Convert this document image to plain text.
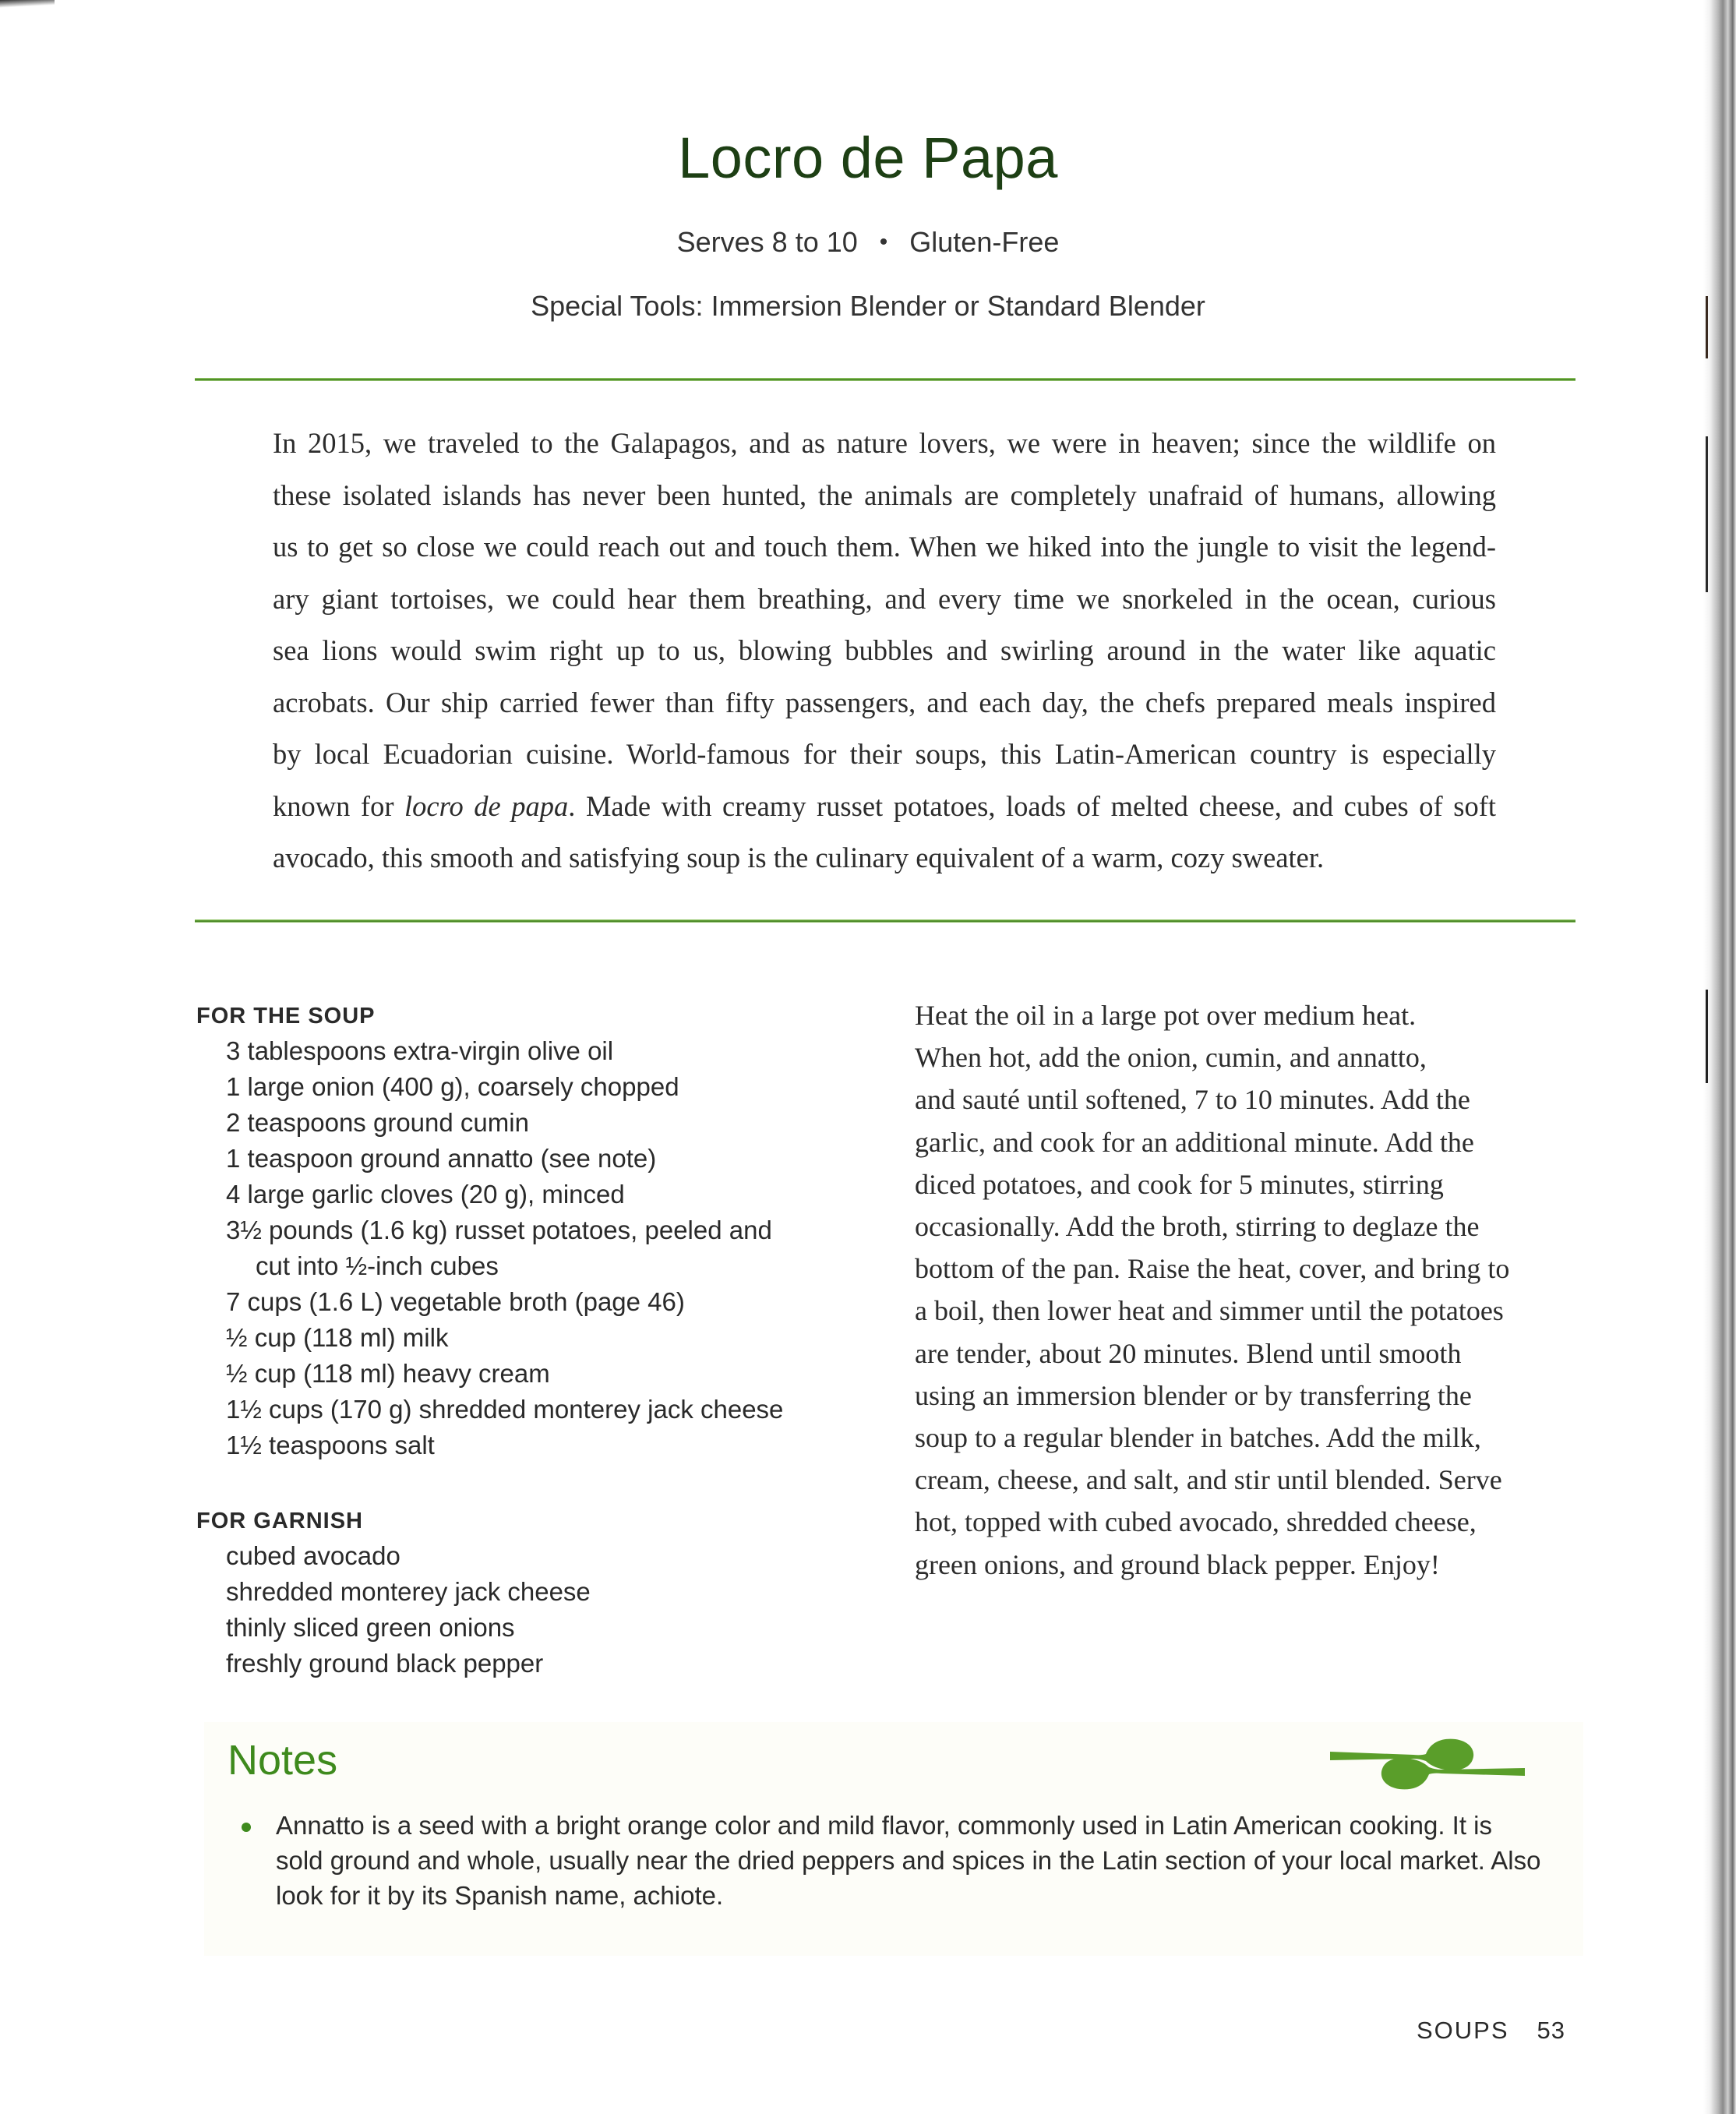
Locro de Papa
Serves 8 to 10 • Gluten-Free
Special Tools: Immersion Blender or Standard Blender
In 2015, we traveled to the Galapagos, and as nature lovers, we were in heaven; since the wildlife on
these isolated islands has never been hunted, the animals are completely unafraid of humans, allowing
us to get so close we could reach out and touch them. When we hiked into the jungle to visit the legend-
ary giant tortoises, we could hear them breathing, and every time we snorkeled in the ocean, curious
sea lions would swim right up to us, blowing bubbles and swirling around in the water like aquatic
acrobats. Our ship carried fewer than fifty passengers, and each day, the chefs prepared meals inspired
by local Ecuadorian cuisine. World-famous for their soups, this Latin-American country is especially
known for locro de papa. Made with creamy russet potatoes, loads of melted cheese, and cubes of soft
avocado, this smooth and satisfying soup is the culinary equivalent of a warm, cozy sweater.
FOR THE SOUP
3 tablespoons extra-virgin olive oil
1 large onion (400 g), coarsely chopped
2 teaspoons ground cumin
1 teaspoon ground annatto (see note)
4 large garlic cloves (20 g), minced
3½ pounds (1.6 kg) russet potatoes, peeled and
cut into ½-inch cubes
7 cups (1.6 L) vegetable broth (page 46)
½ cup (118 ml) milk
½ cup (118 ml) heavy cream
1½ cups (170 g) shredded monterey jack cheese
1½ teaspoons salt
FOR GARNISH
cubed avocado
shredded monterey jack cheese
thinly sliced green onions
freshly ground black pepper
Heat the oil in a large pot over medium heat.
When hot, add the onion, cumin, and annatto,
and sauté until softened, 7 to 10 minutes. Add the
garlic, and cook for an additional minute. Add the
diced potatoes, and cook for 5 minutes, stirring
occasionally. Add the broth, stirring to deglaze the
bottom of the pan. Raise the heat, cover, and bring to
a boil, then lower heat and simmer until the potatoes
are tender, about 20 minutes. Blend until smooth
using an immersion blender or by transferring the
soup to a regular blender in batches. Add the milk,
cream, cheese, and salt, and stir until blended. Serve
hot, topped with cubed avocado, shredded cheese,
green onions, and ground black pepper. Enjoy!
Notes
Annatto is a seed with a bright orange color and mild flavor, commonly used in Latin American cooking. It is sold ground and whole, usually near the dried peppers and spices in the Latin section of your local market. Also look for it by its Spanish name, achiote.
SOUPS 53
